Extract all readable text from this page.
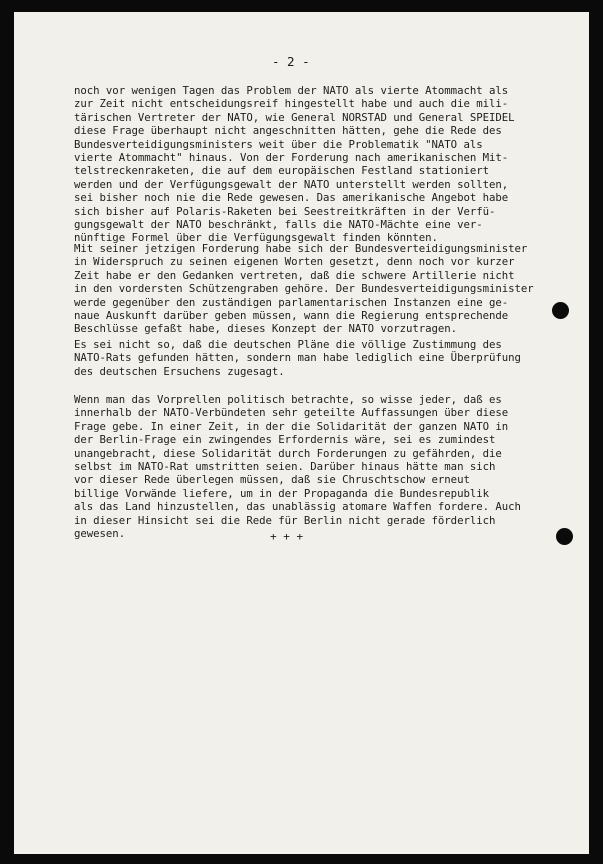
- 2 -
noch vor wenigen Tagen das Problem der NATO als vierte Atommacht als
zur Zeit nicht entscheidungsreif hingestellt habe und auch die mili-
tärischen Vertreter der NATO, wie General NORSTAD und General SPEIDEL
diese Frage überhaupt nicht angeschnitten hätten, gehe die Rede des
Bundesverteidigungsministers weit über die Problematik "NATO als
vierte Atommacht" hinaus. Von der Forderung nach amerikanischen Mit-
telstreckenraketen, die auf dem europäischen Festland stationiert
werden und der Verfügungsgewalt der NATO unterstellt werden sollten,
sei bisher noch nie die Rede gewesen. Das amerikanische Angebot habe
sich bisher auf Polaris-Raketen bei Seestreitkräften in der Verfü-
gungsgewalt der NATO beschränkt, falls die NATO-Mächte eine ver-
nünftige Formel über die Verfügungsgewalt finden könnten.
Mit seiner jetzigen Forderung habe sich der Bundesverteidigungsminister
in Widerspruch zu seinen eigenen Worten gesetzt, denn noch vor kurzer
Zeit habe er den Gedanken vertreten, daß die schwere Artillerie nicht
in den vordersten Schützengraben gehöre. Der Bundesverteidigungsminister
werde gegenüber den zuständigen parlamentarischen Instanzen eine ge-
naue Auskunft darüber geben müssen, wann die Regierung entsprechende
Beschlüsse gefaßt habe, dieses Konzept der NATO vorzutragen.
Es sei nicht so, daß die deutschen Pläne die völlige Zustimmung des
NATO-Rats gefunden hätten, sondern man habe lediglich eine Überprüfung
des deutschen Ersuchens zugesagt.
Wenn man das Vorprellen politisch betrachte, so wisse jeder, daß es
innerhalb der NATO-Verbündeten sehr geteilte Auffassungen über diese
Frage gebe. In einer Zeit, in der die Solidarität der ganzen NATO in
der Berlin-Frage ein zwingendes Erfordernis wäre, sei es zumindest
unangebracht, diese Solidarität durch Forderungen zu gefährden, die
selbst im NATO-Rat umstritten seien. Darüber hinaus hätte man sich
vor dieser Rede überlegen müssen, daß sie Chruschtschow erneut
billige Vorwände liefere, um in der Propaganda die Bundesrepublik
als das Land hinzustellen, das unablässig atomare Waffen fordere. Auch
in dieser Hinsicht sei die Rede für Berlin nicht gerade förderlich
gewesen.	+ + +
